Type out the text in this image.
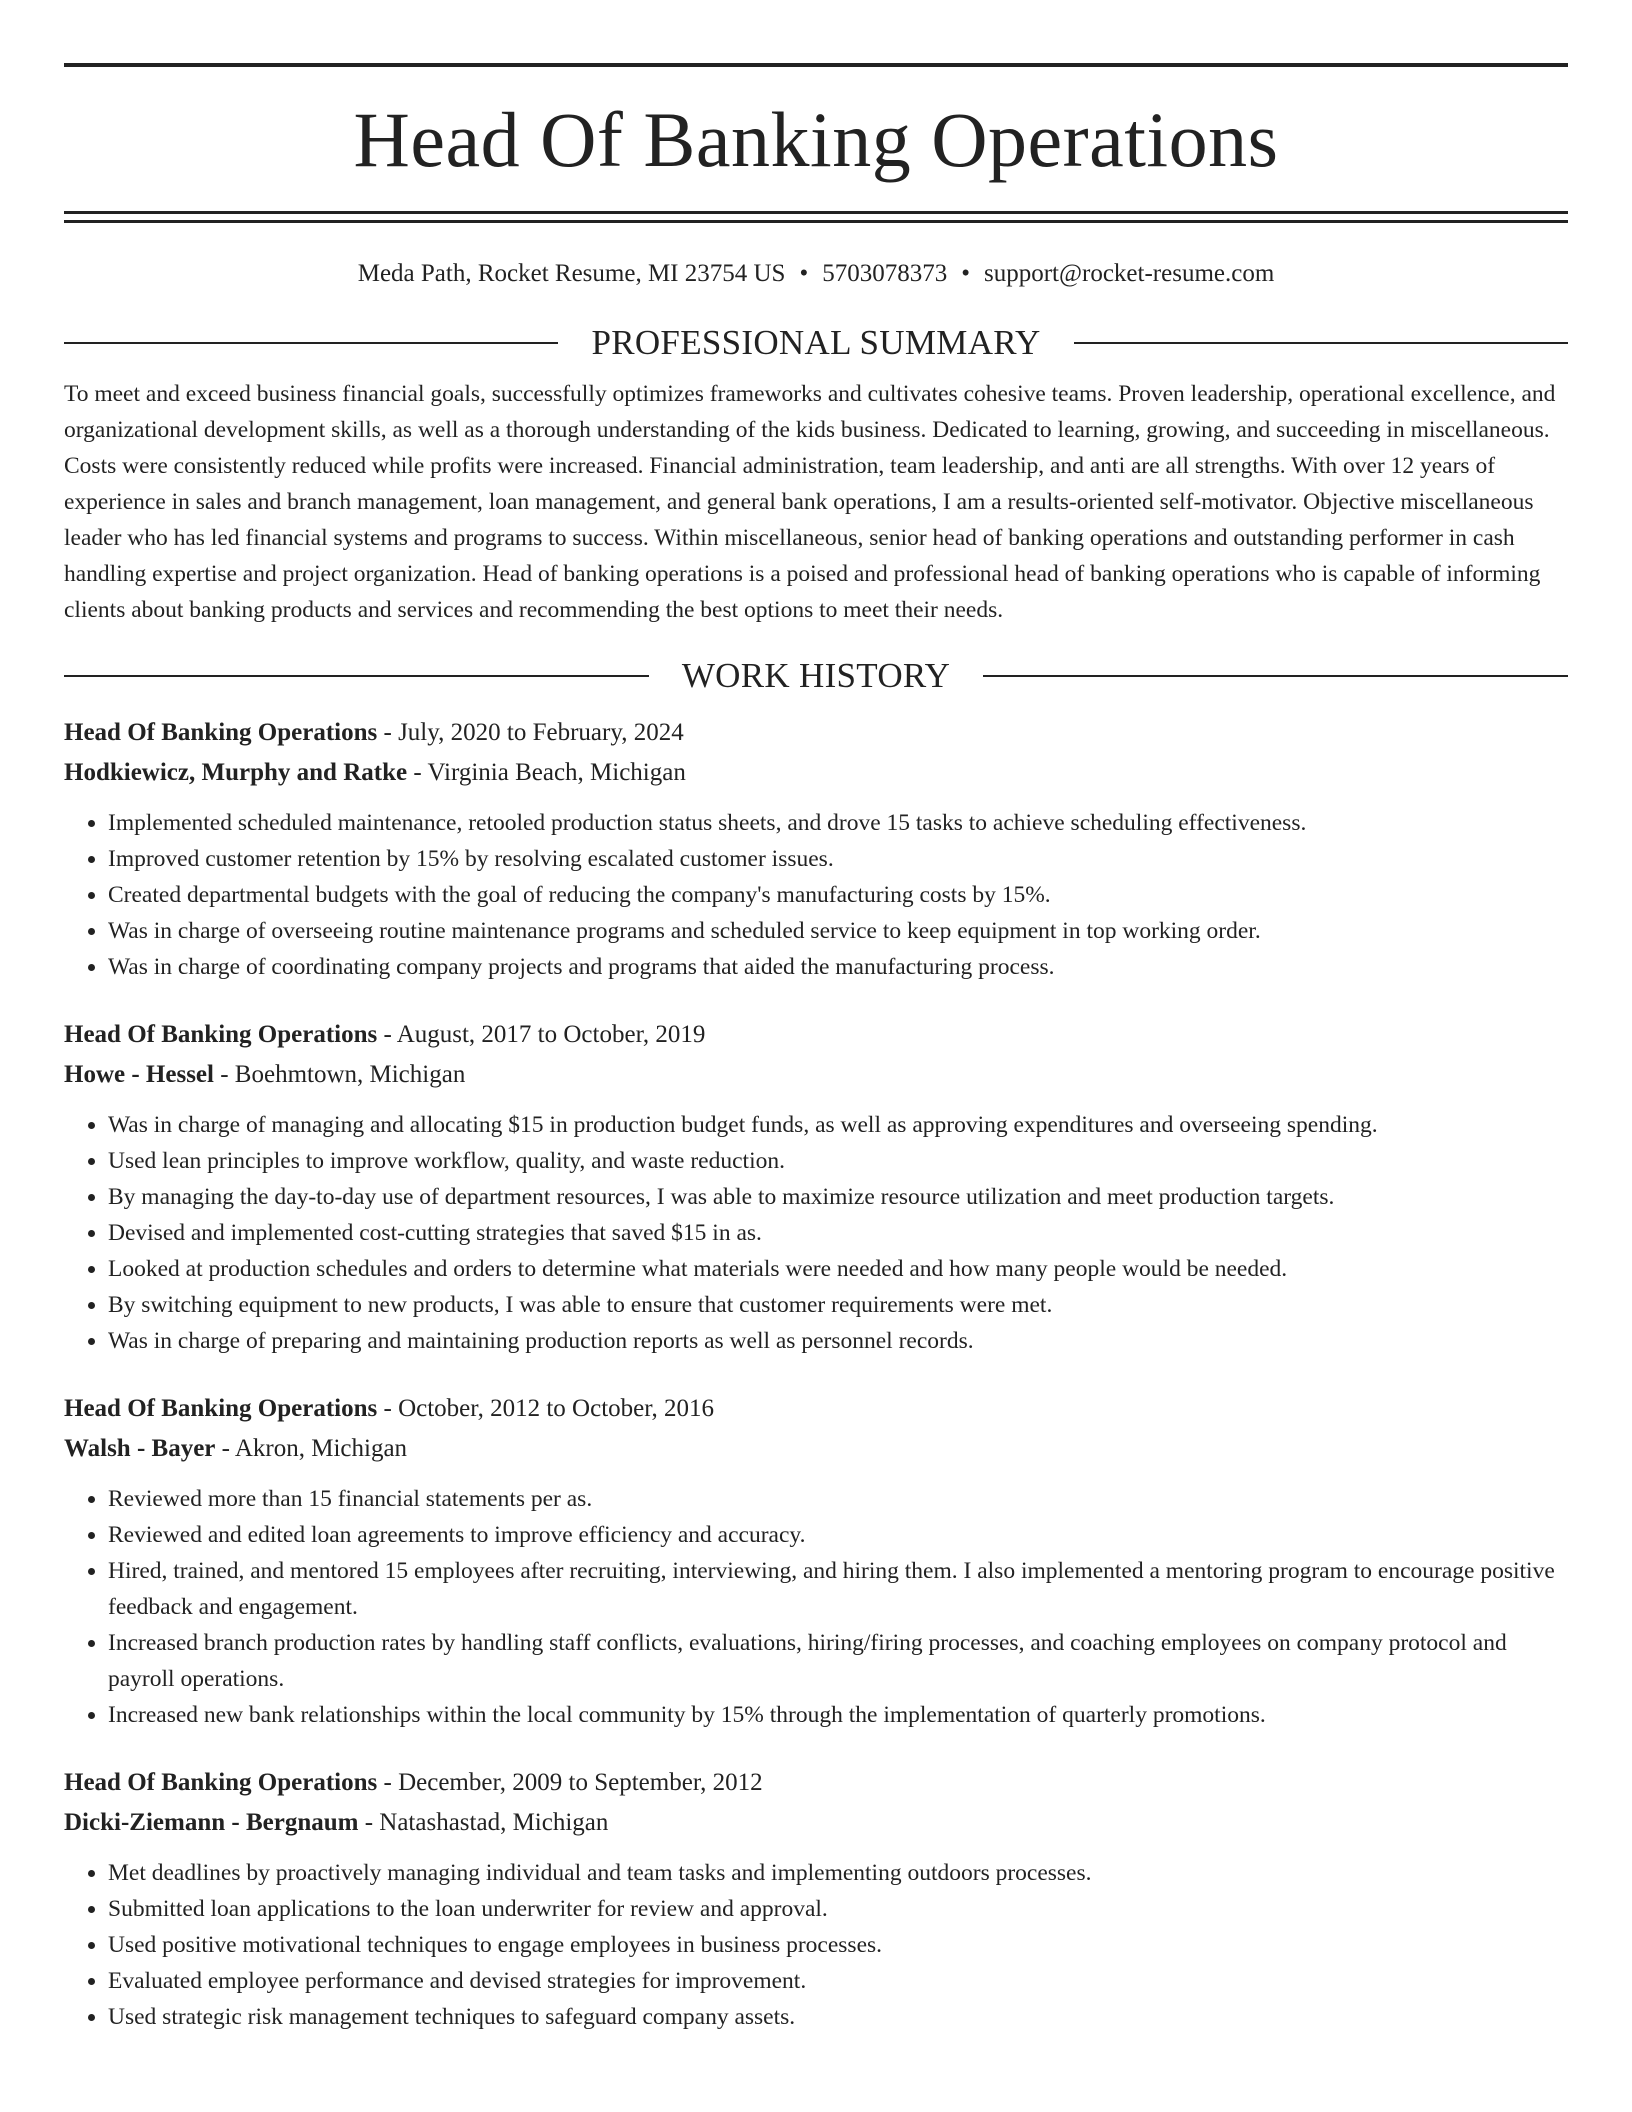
Head Of Banking Operations
Meda Path, Rocket Resume, MI 23754 US • 5703078373 • support@rocket-resume.com
PROFESSIONAL SUMMARY

To meet and exceed business financial goals, successfully optimizes frameworks and cultivates cohesive teams. Proven leadership, operational excellence, and organizational development skills, as well as a thorough understanding of the kids business. Dedicated to learning, growing, and succeeding in miscellaneous. Costs were consistently reduced while profits were increased. Financial administration, team leadership, and anti are all strengths. With over 12 years of experience in sales and branch management, loan management, and general bank operations, I am a results-oriented self-motivator. Objective miscellaneous leader who has led financial systems and programs to success. Within miscellaneous, senior head of banking operations and outstanding performer in cash handling expertise and project organization. Head of banking operations is a poised and professional head of banking operations who is capable of informing clients about banking products and services and recommending the best options to meet their needs.

WORK HISTORY
Head Of Banking Operations - July, 2020 to February, 2024
Hodkiewicz, Murphy and Ratke - Virginia Beach, Michigan
• Implemented scheduled maintenance, retooled production status sheets, and drove 15 tasks to achieve scheduling effectiveness.
• Improved customer retention by 15% by resolving escalated customer issues.
• Created departmental budgets with the goal of reducing the company's manufacturing costs by 15%.
• Was in charge of overseeing routine maintenance programs and scheduled service to keep equipment in top working order.
• Was in charge of coordinating company projects and programs that aided the manufacturing process.
Head Of Banking Operations - August, 2017 to October, 2019
Howe - Hessel - Boehmtown, Michigan
• Was in charge of managing and allocating $15 in production budget funds, as well as approving expenditures and overseeing spending.
• Used lean principles to improve workflow, quality, and waste reduction.
• By managing the day-to-day use of department resources, I was able to maximize resource utilization and meet production targets.
• Devised and implemented cost-cutting strategies that saved $15 in as.
• Looked at production schedules and orders to determine what materials were needed and how many people would be needed.
• By switching equipment to new products, I was able to ensure that customer requirements were met.
• Was in charge of preparing and maintaining production reports as well as personnel records.
Head Of Banking Operations - October, 2012 to October, 2016
Walsh - Bayer - Akron, Michigan
• Reviewed more than 15 financial statements per as.
• Reviewed and edited loan agreements to improve efficiency and accuracy.
• Hired, trained, and mentored 15 employees after recruiting, interviewing, and hiring them. I also implemented a mentoring program to encourage positive feedback and engagement.
• Increased branch production rates by handling staff conflicts, evaluations, hiring/firing processes, and coaching employees on company protocol and payroll operations.
• Increased new bank relationships within the local community by 15% through the implementation of quarterly promotions.
Head Of Banking Operations - December, 2009 to September, 2012
Dicki-Ziemann - Bergnaum - Natashastad, Michigan
• Met deadlines by proactively managing individual and team tasks and implementing outdoors processes.
• Submitted loan applications to the loan underwriter for review and approval.
• Used positive motivational techniques to engage employees in business processes.
• Evaluated employee performance and devised strategies for improvement.
• Used strategic risk management techniques to safeguard company assets.
